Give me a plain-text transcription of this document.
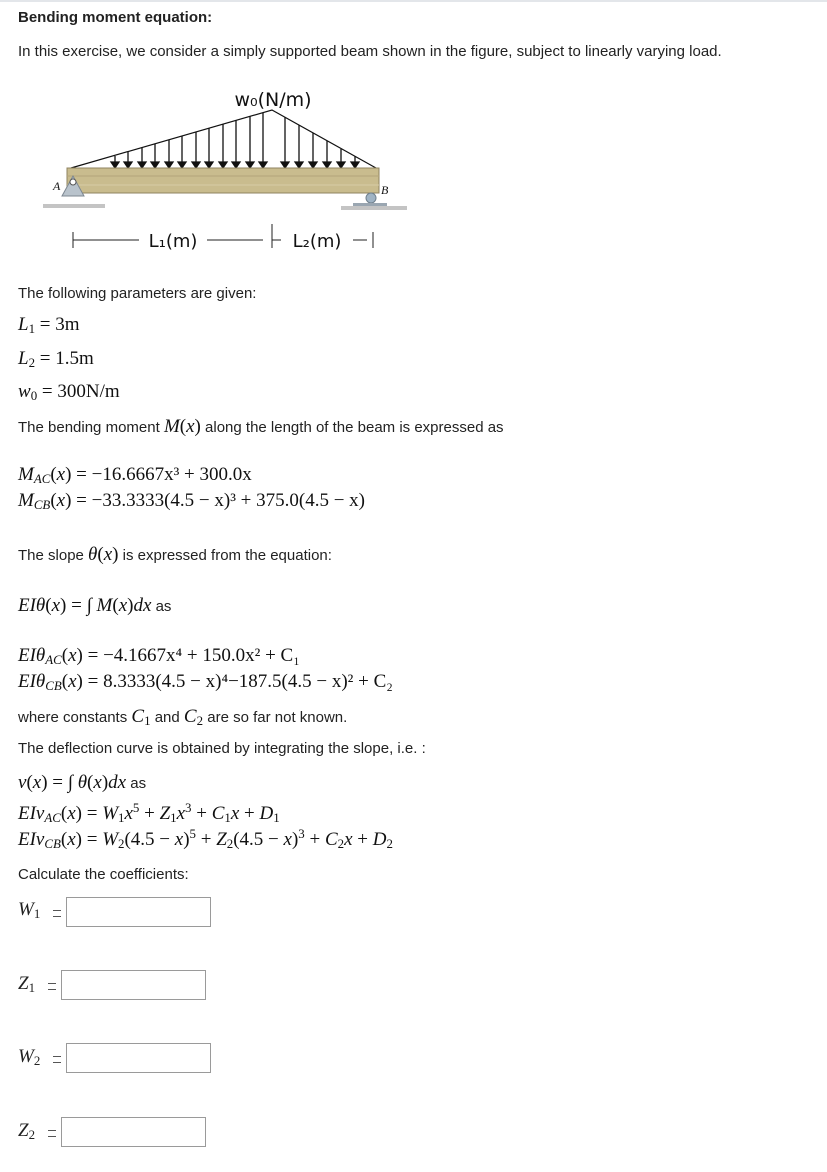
Bending moment equation:
In this exercise, we consider a simply supported beam shown in the figure, subject to linearly varying load.
A	B
w₀(N/m)
L₁(m)	L₂(m)
The following parameters are given:
$L_1 = 3m$
$L_2 = 1.5m$
$w_0 = 300N/m$
The bending moment M(x) along the length of the beam is expressed as
$M_{AC}(x) = -16.6667x^3 + 300.0x$
$M_{CB}(x) = -33.3333(4.5 - x)^3 + 375.0(4.5 - x)$
The slope θ(x) is expressed from the equation:
EIθ(x) = ∫ M(x)dx as
EIθ$_{AC}$(x) = −4.1667x⁴ + 150.0x² + C₁
EIθ$_{CB}$(x) = 8.3333(4.5 − x)⁴−187.5(4.5 − x)² + C₂
where constants $C_1$ and $C_2$ are so far not known.
The deflection curve is obtained by integrating the slope, i.e. :
v(x) = ∫ θ(x)dx as
$EIv_{AC}(x) = W_1x^5 + Z_1x^3 + C_1x + D_1$
$EIv_{CB}(x) = W_2(4.5 - x)^5 + Z_2(4.5 - x)^3 + C_2x + D_2$
Calculate the coefficients:
$W_1$
$Z_1$
$W_2$
$Z_2$
